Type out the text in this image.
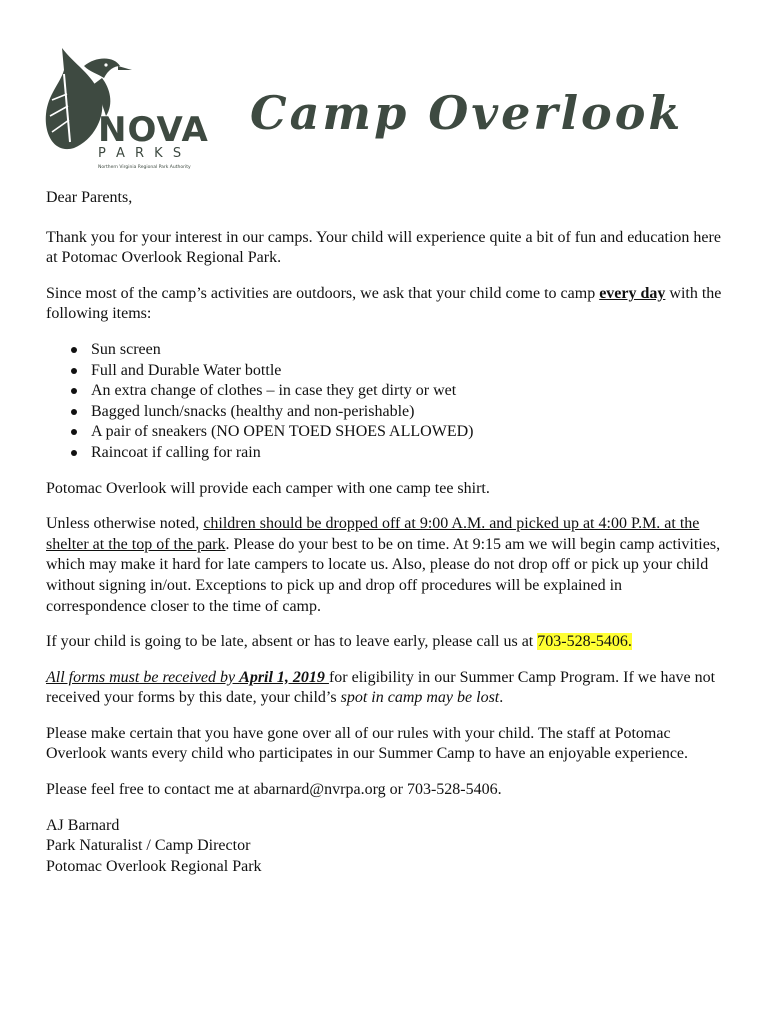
NOVA
P A R K S
Northern Virginia Regional Park Authority
Camp Overlook

Dear Parents,

Thank you for your interest in our camps. Your child will experience quite a bit of fun and education here at Potomac Overlook Regional Park.

Since most of the camp’s activities are outdoors, we ask that your child come to camp every day with the following items:

Sun screen
Full and Durable Water bottle
An extra change of clothes – in case they get dirty or wet
Bagged lunch/snacks (healthy and non-perishable)
A pair of sneakers (NO OPEN TOED SHOES ALLOWED)
Raincoat if calling for rain

Potomac Overlook will provide each camper with one camp tee shirt.

Unless otherwise noted, children should be dropped off at 9:00 A.M. and picked up at 4:00 P.M. at the shelter at the top of the park. Please do your best to be on time. At 9:15 am we will begin camp activities, which may make it hard for late campers to locate us. Also, please do not drop off or pick up your child without signing in/out. Exceptions to pick up and drop off procedures will be explained in correspondence closer to the time of camp.

If your child is going to be late, absent or has to leave early, please call us at 703-528-5406.

All forms must be received by April 1, 2019 for eligibility in our Summer Camp Program. If we have not received your forms by this date, your child’s spot in camp may be lost.

Please make certain that you have gone over all of our rules with your child. The staff at Potomac Overlook wants every child who participates in our Summer Camp to have an enjoyable experience.

Please feel free to contact me at abarnard@nvrpa.org or 703-528-5406.

AJ Barnard

Park Naturalist / Camp Director

Potomac Overlook Regional Park
